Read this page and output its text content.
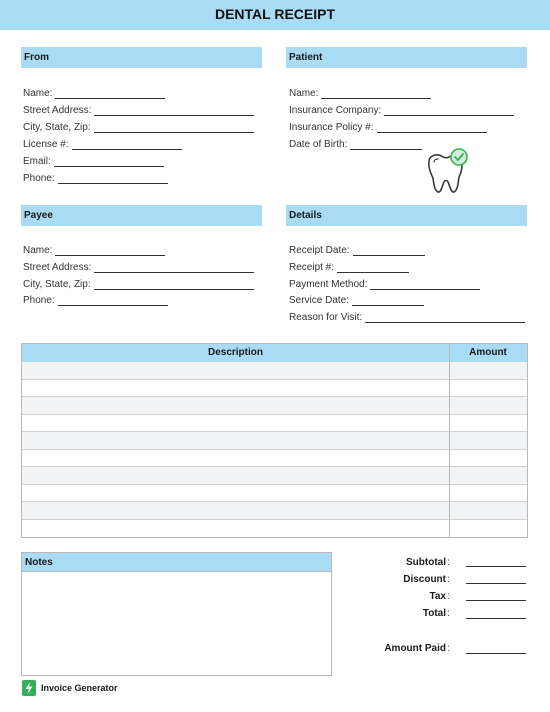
DENTAL RECEIPT
From
Name:
Street Address:
City, State, Zip:
License #:
Email:
Phone:
Patient
Name:
Insurance Company:
Insurance Policy #:
Date of Birth:
Payee
Name:
Street Address:
City, State, Zip:
Phone:
Details
Receipt Date:
Receipt #:
Payment Method:
Service Date:
Reason for Visit:
Description	Amount
Notes	Subtotal :
Discount :
Tax :
Total :
Amount Paid :
Invoice Generator
